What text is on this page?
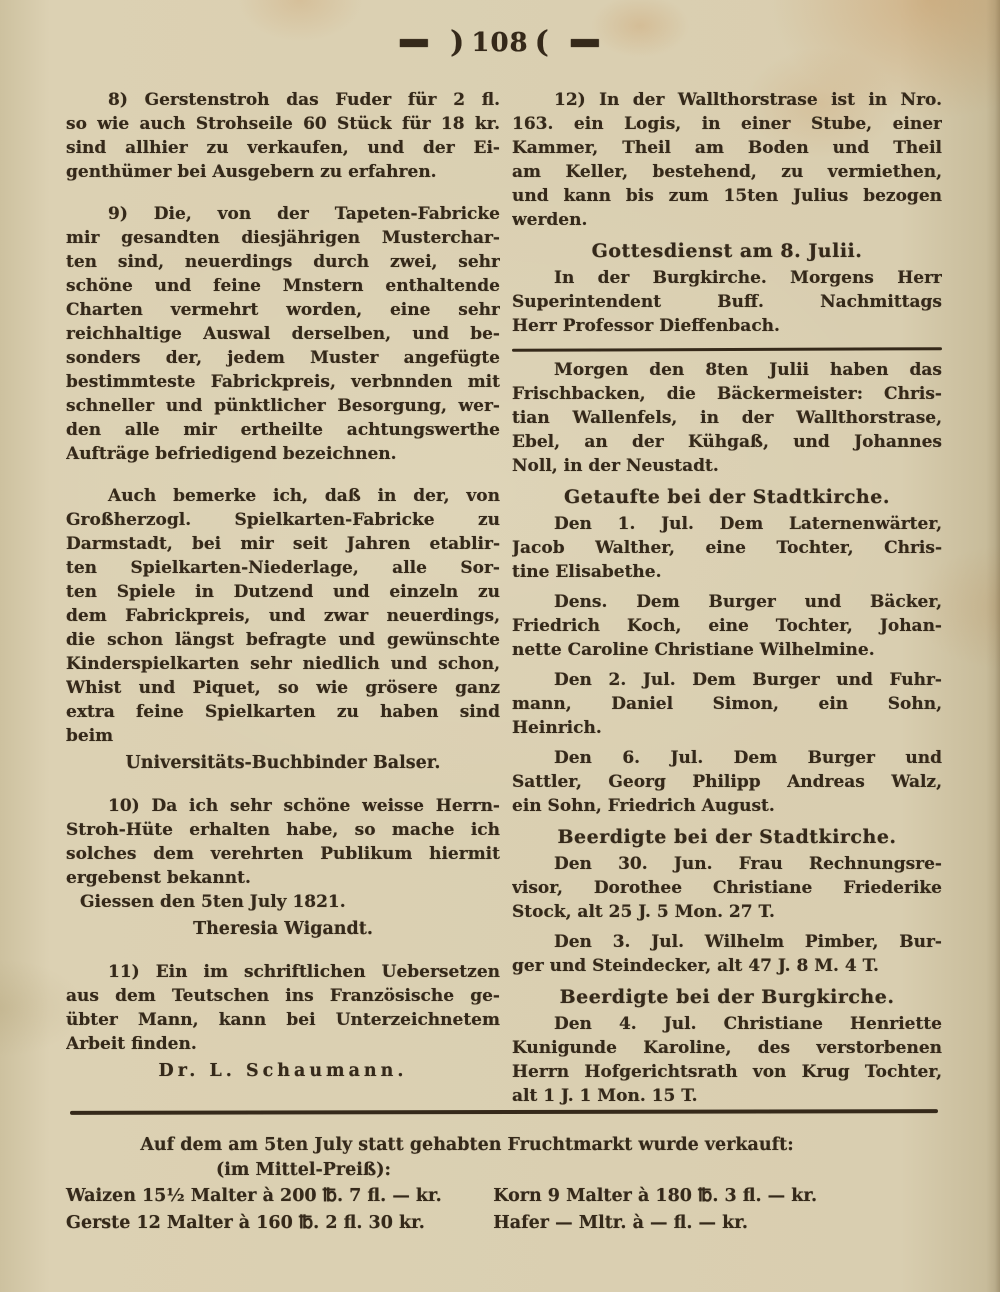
— ) 108 ( —
8) Gerstenstroh das Fuder für 2 fl.
so wie auch Strohseile 60 Stück für 18 kr.
sind allhier zu verkaufen, und der Ei-
genthümer bei Ausgebern zu erfahren.
9) Die, von der Tapeten-Fabricke
mir gesandten diesjährigen Musterchar-
ten sind, neuerdings durch zwei, sehr
schöne und feine Mnstern enthaltende
Charten vermehrt worden, eine sehr
reichhaltige Auswal derselben, und be-
sonders der, jedem Muster angefügte
bestimmteste Fabrickpreis, verbnnden mit
schneller und pünktlicher Besorgung, wer-
den alle mir ertheilte achtungswerthe
Aufträge befriedigend bezeichnen.
Auch bemerke ich, daß in der, von
Großherzogl. Spielkarten-Fabricke zu
Darmstadt, bei mir seit Jahren etablir-
ten Spielkarten-Niederlage, alle Sor-
ten Spiele in Dutzend und einzeln zu
dem Fabrickpreis, und zwar neuerdings,
die schon längst befragte und gewünschte
Kinderspielkarten sehr niedlich und schon,
Whist und Piquet, so wie grösere ganz
extra feine Spielkarten zu haben sind
beim
Universitäts-Buchbinder Balser.
10) Da ich sehr schöne weisse Herrn-
Stroh-Hüte erhalten habe, so mache ich
solches dem verehrten Publikum hiermit
ergebenst bekannt.
Giessen den 5ten July 1821.
Theresia Wigandt.
11) Ein im schriftlichen Uebersetzen
aus dem Teutschen ins Französische ge-
übter Mann, kann bei Unterzeichnetem
Arbeit finden.
Dr. L. Schaumann.
12) In der Wallthorstrase ist in Nro.
163. ein Logis, in einer Stube, einer
Kammer, Theil am Boden und Theil
am Keller, bestehend, zu vermiethen,
und kann bis zum 15ten Julius bezogen
werden.
Gottesdienst am 8. Julii.
In der Burgkirche. Morgens Herr
Superintendent Buff. Nachmittags
Herr Professor Dieffenbach.
Morgen den 8ten Julii haben das
Frischbacken, die Bäckermeister: Chris-
tian Wallenfels, in der Wallthorstrase,
Ebel, an der Kühgaß, und Johannes
Noll, in der Neustadt.
Getaufte bei der Stadtkirche.
Den 1. Jul. Dem Laternenwärter,
Jacob Walther, eine Tochter, Chris-
tine Elisabethe.
Dens. Dem Burger und Bäcker,
Friedrich Koch, eine Tochter, Johan-
nette Caroline Christiane Wilhelmine.
Den 2. Jul. Dem Burger und Fuhr-
mann, Daniel Simon, ein Sohn,
Heinrich.
Den 6. Jul. Dem Burger und
Sattler, Georg Philipp Andreas Walz,
ein Sohn, Friedrich August.
Beerdigte bei der Stadtkirche.
Den 30. Jun. Frau Rechnungsre-
visor, Dorothee Christiane Friederike
Stock, alt 25 J. 5 Mon. 27 T.
Den 3. Jul. Wilhelm Pimber, Bur-
ger und Steindecker, alt 47 J. 8 M. 4 T.
Beerdigte bei der Burgkirche.
Den 4. Jul. Christiane Henriette
Kunigunde Karoline, des verstorbenen
Herrn Hofgerichtsrath von Krug Tochter,
alt 1 J. 1 Mon. 15 T.
Auf dem am 5ten July statt gehabten Fruchtmarkt wurde verkauft:
(im Mittel-Preiß):
Waizen 15½ Malter à 200 ℔. 7 fl. — kr.	Korn 9 Malter à 180 ℔. 3 fl. — kr.
Gerste 12 Malter à 160 ℔. 2 fl. 30 kr.	Hafer — Mltr. à — fl. — kr.
